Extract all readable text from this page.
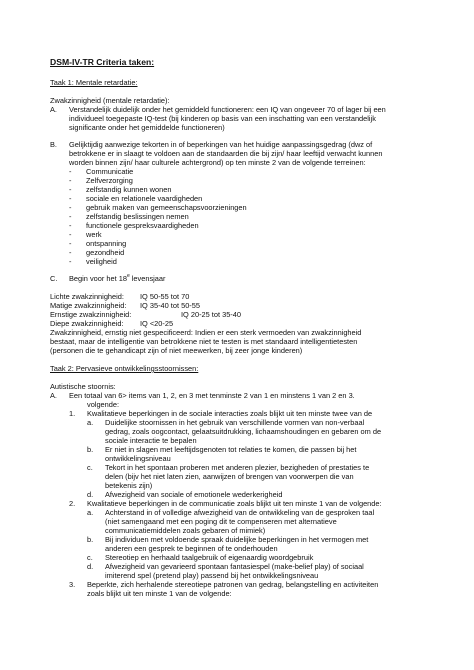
DSM-IV-TR Criteria taken:
Taak 1: Mentale retardatie:
Zwakzinnigheid (mentale retardatie):
A. Verstandelijk duidelijk onder het gemiddeld functioneren: een IQ van ongeveer 70 of lager bij een
individueel toegepaste IQ-test (bij kinderen op basis van een inschatting van een verstandelijk
significante onder het gemiddelde functioneren)
B. Gelijktijdig aanwezige tekorten in of beperkingen van het huidige aanpassingsgedrag (dwz of
betrokkene er in slaagt te voldoen aan de standaarden die bij zijn/ haar leeftijd verwacht kunnen
worden binnen zijn/ haar culturele achtergrond) op ten minste 2 van de volgende terreinen:
- Communicatie
- Zelfverzorging
- zelfstandig kunnen wonen
- sociale en relationele vaardigheden
- gebruik maken van gemeenschapsvoorzieningen
- zelfstandig beslissingen nemen
- functionele gespreksvaardigheden
- werk
- ontspanning
- gezondheid
- veiligheid
C. Begin voor het 18e levensjaar
Lichte zwakzinnigheid: IQ 50-55 tot 70
Matige zwakzinnigheid: IQ 35-40 tot 50-55
Ernstige zwakzinnigheid:	IQ 20-25 tot 35-40
Diepe zwakzinnigheid: IQ <20-25
Zwakzinnigheid, ernstig niet gespecificeerd: Indien er een sterk vermoeden van zwakzinnigheid
bestaat, maar de intelligentie van betrokkene niet te testen is met standaard intelligentietesten
(personen die te gehandicapt zijn of niet meewerken, bij zeer jonge kinderen)
Taak 2: Pervasieve ontwikkelingsstoornissen:
Autistische stoornis:
A. Een totaal van 6> items van 1, 2, en 3 met tenminste 2 van 1 en minstens 1 van 2 en 3.
volgende:
1. Kwalitatieve beperkingen in de sociale interacties zoals blijkt uit ten minste twee van de
a. Duidelijke stoornissen in het gebruik van verschillende vormen van non-verbaal
gedrag, zoals oogcontact, gelaatsuitdrukking, lichaamshoudingen en gebaren om de
sociale interactie te bepalen
b. Er niet in slagen met leeftijdsgenoten tot relaties te komen, die passen bij het
ontwikkelingsniveau
c. Tekort in het spontaan proberen met anderen plezier, bezigheden of prestaties te
delen (bijv het niet laten zien, aanwijzen of brengen van voorwerpen die van
betekenis zijn)
d. Afwezigheid van sociale of emotionele wederkerigheid
2. Kwalitatieve beperkingen in de communicatie zoals blijkt uit ten minste 1 van de volgende:
a. Achterstand in of volledige afwezigheid van de ontwikkeling van de gesproken taal
(niet samengaand met een poging dit te compenseren met alternatieve
communicatiemiddelen zoals gebaren of mimiek)
b. Bij individuen met voldoende spraak duidelijke beperkingen in het vermogen met
anderen een gesprek te beginnen of te onderhouden
c. Stereotiep en herhaald taalgebruik of eigenaardig woordgebruik
d. Afwezigheid van gevarieerd spontaan fantasiespel (make-belief play) of sociaal
imiterend spel (pretend play) passend bij het ontwikkelingsniveau
3. Beperkte, zich herhalende stereotiepe patronen van gedrag, belangstelling en activiteiten
zoals blijkt uit ten minste 1 van de volgende:
